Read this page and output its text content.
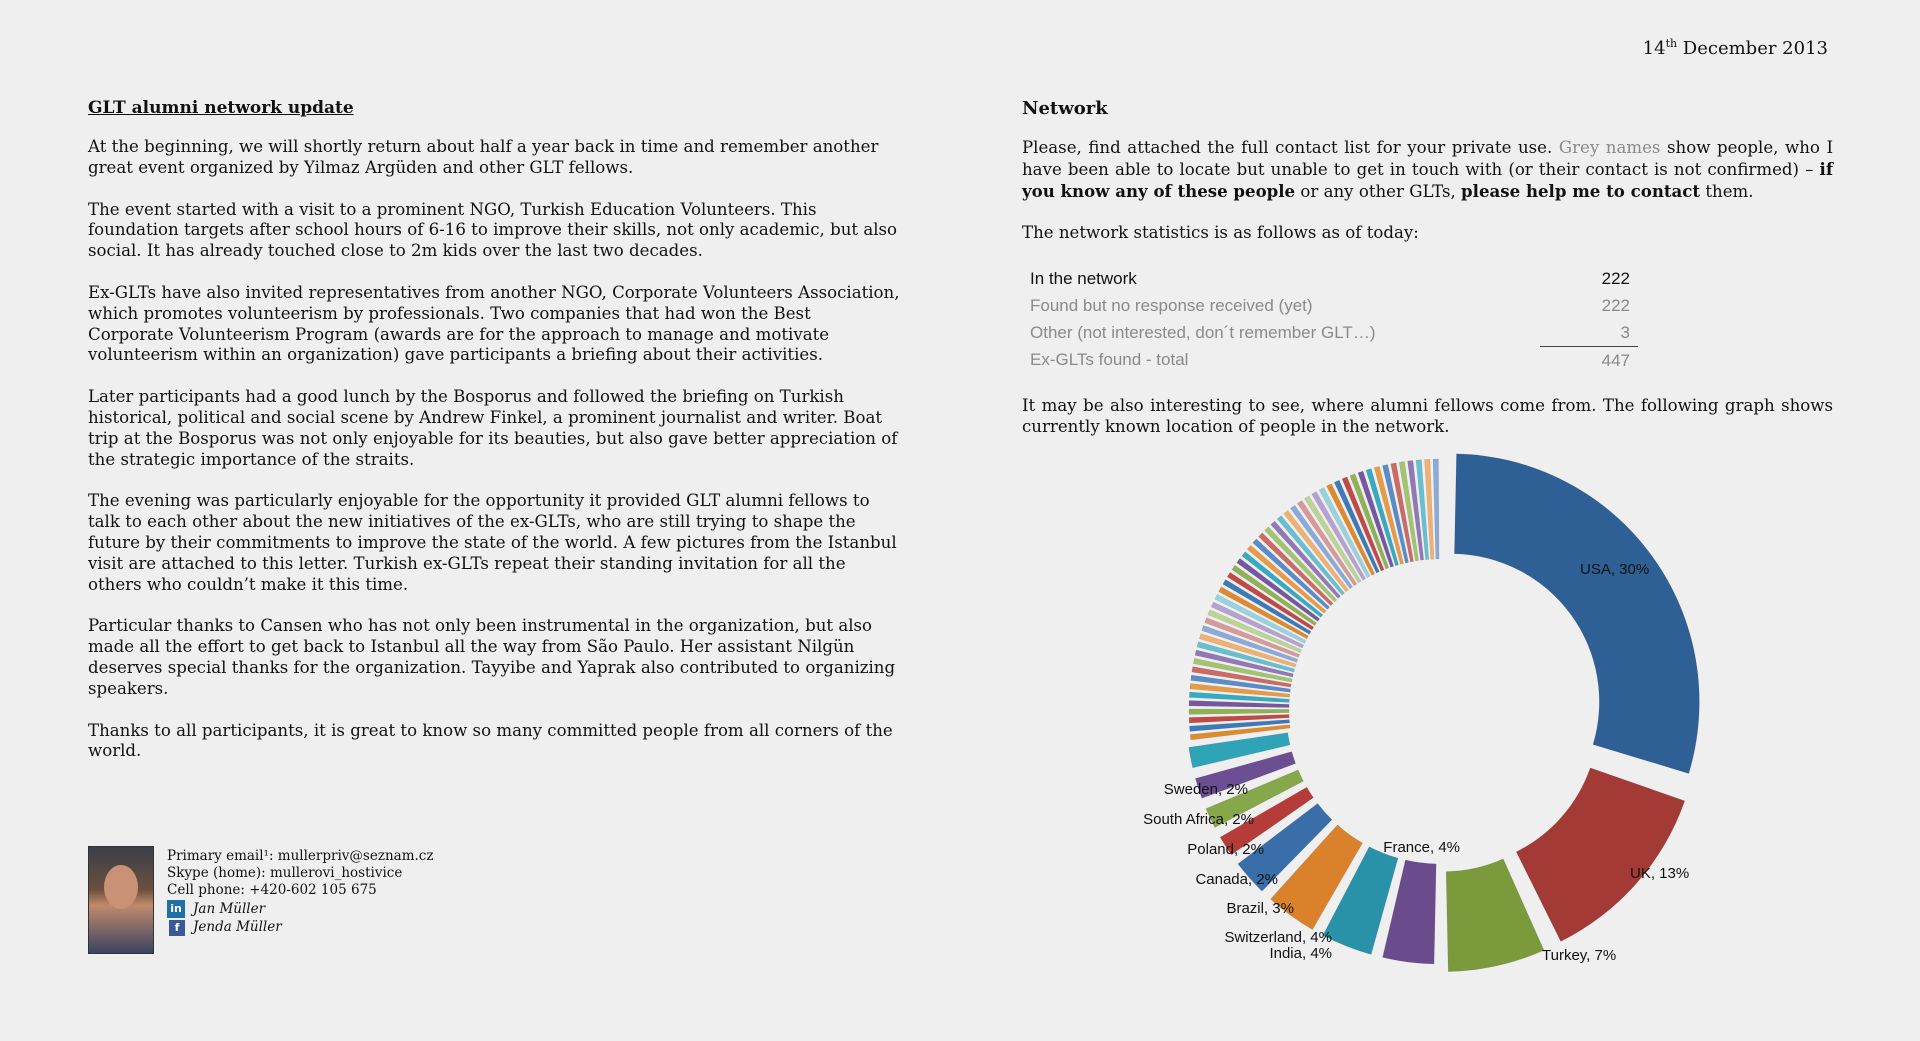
14th December 2013
GLT alumni network update

At the beginning, we will shortly return about half a year back in time and remember another great event organized by Yilmaz Argüden and other GLT fellows.

The event started with a visit to a prominent NGO, Turkish Education Volunteers. This foundation targets after school hours of 6-16 to improve their skills, not only academic, but also social. It has already touched close to 2m kids over the last two decades.

Ex-GLTs have also invited representatives from another NGO, Corporate Volunteers Association, which promotes volunteerism by professionals. Two companies that had won the Best Corporate Volunteerism Program (awards are for the approach to manage and motivate volunteerism within an organization) gave participants a briefing about their activities.

Later participants had a good lunch by the Bosporus and followed the briefing on Turkish historical, political and social scene by Andrew Finkel, a prominent journalist and writer. Boat trip at the Bosporus was not only enjoyable for its beauties, but also gave better appreciation of the strategic importance of the straits.

The evening was particularly enjoyable for the opportunity it provided GLT alumni fellows to talk to each other about the new initiatives of the ex-GLTs, who are still trying to shape the future by their commitments to improve the state of the world. A few pictures from the Istanbul visit are attached to this letter. Turkish ex-GLTs repeat their standing invitation for all the others who couldn’t make it this time.

Particular thanks to Cansen who has not only been instrumental in the organization, but also made all the effort to get back to Istanbul all the way from São Paulo. Her assistant Nilgün deserves special thanks for the organization. Tayyibe and Yaprak also contributed to organizing speakers.

Thanks to all participants, it is great to know so many committed people from all corners of the world.

Primary email¹: mullerpriv@seznam.cz
Skype (home): mullerovi_hostivice
Cell phone: +420-602 105 675
in Jan Müller
f	Jenda Müller
Network

Please, find attached the full contact list for your private use. Grey names show people, who I have been able to locate but unable to get in touch with (or their contact is not confirmed) – if you know any of these people or any other GLTs, please help me to contact them.

The network statistics is as follows as of today:

In the network	222
Found but no response received (yet)	222
Other (not interested, don´t remember GLT…)	3
Ex-GLTs found - total	447

It may be also interesting to see, where alumni fellows come from. The following graph shows currently known location of people in the network.

USA, 30%
UK, 13%
Turkey, 7%
France, 4%
India, 4%
Switzerland, 4%
Brazil, 3%
Canada, 2%
Poland, 2%
South Africa, 2%
Sweden, 2%
